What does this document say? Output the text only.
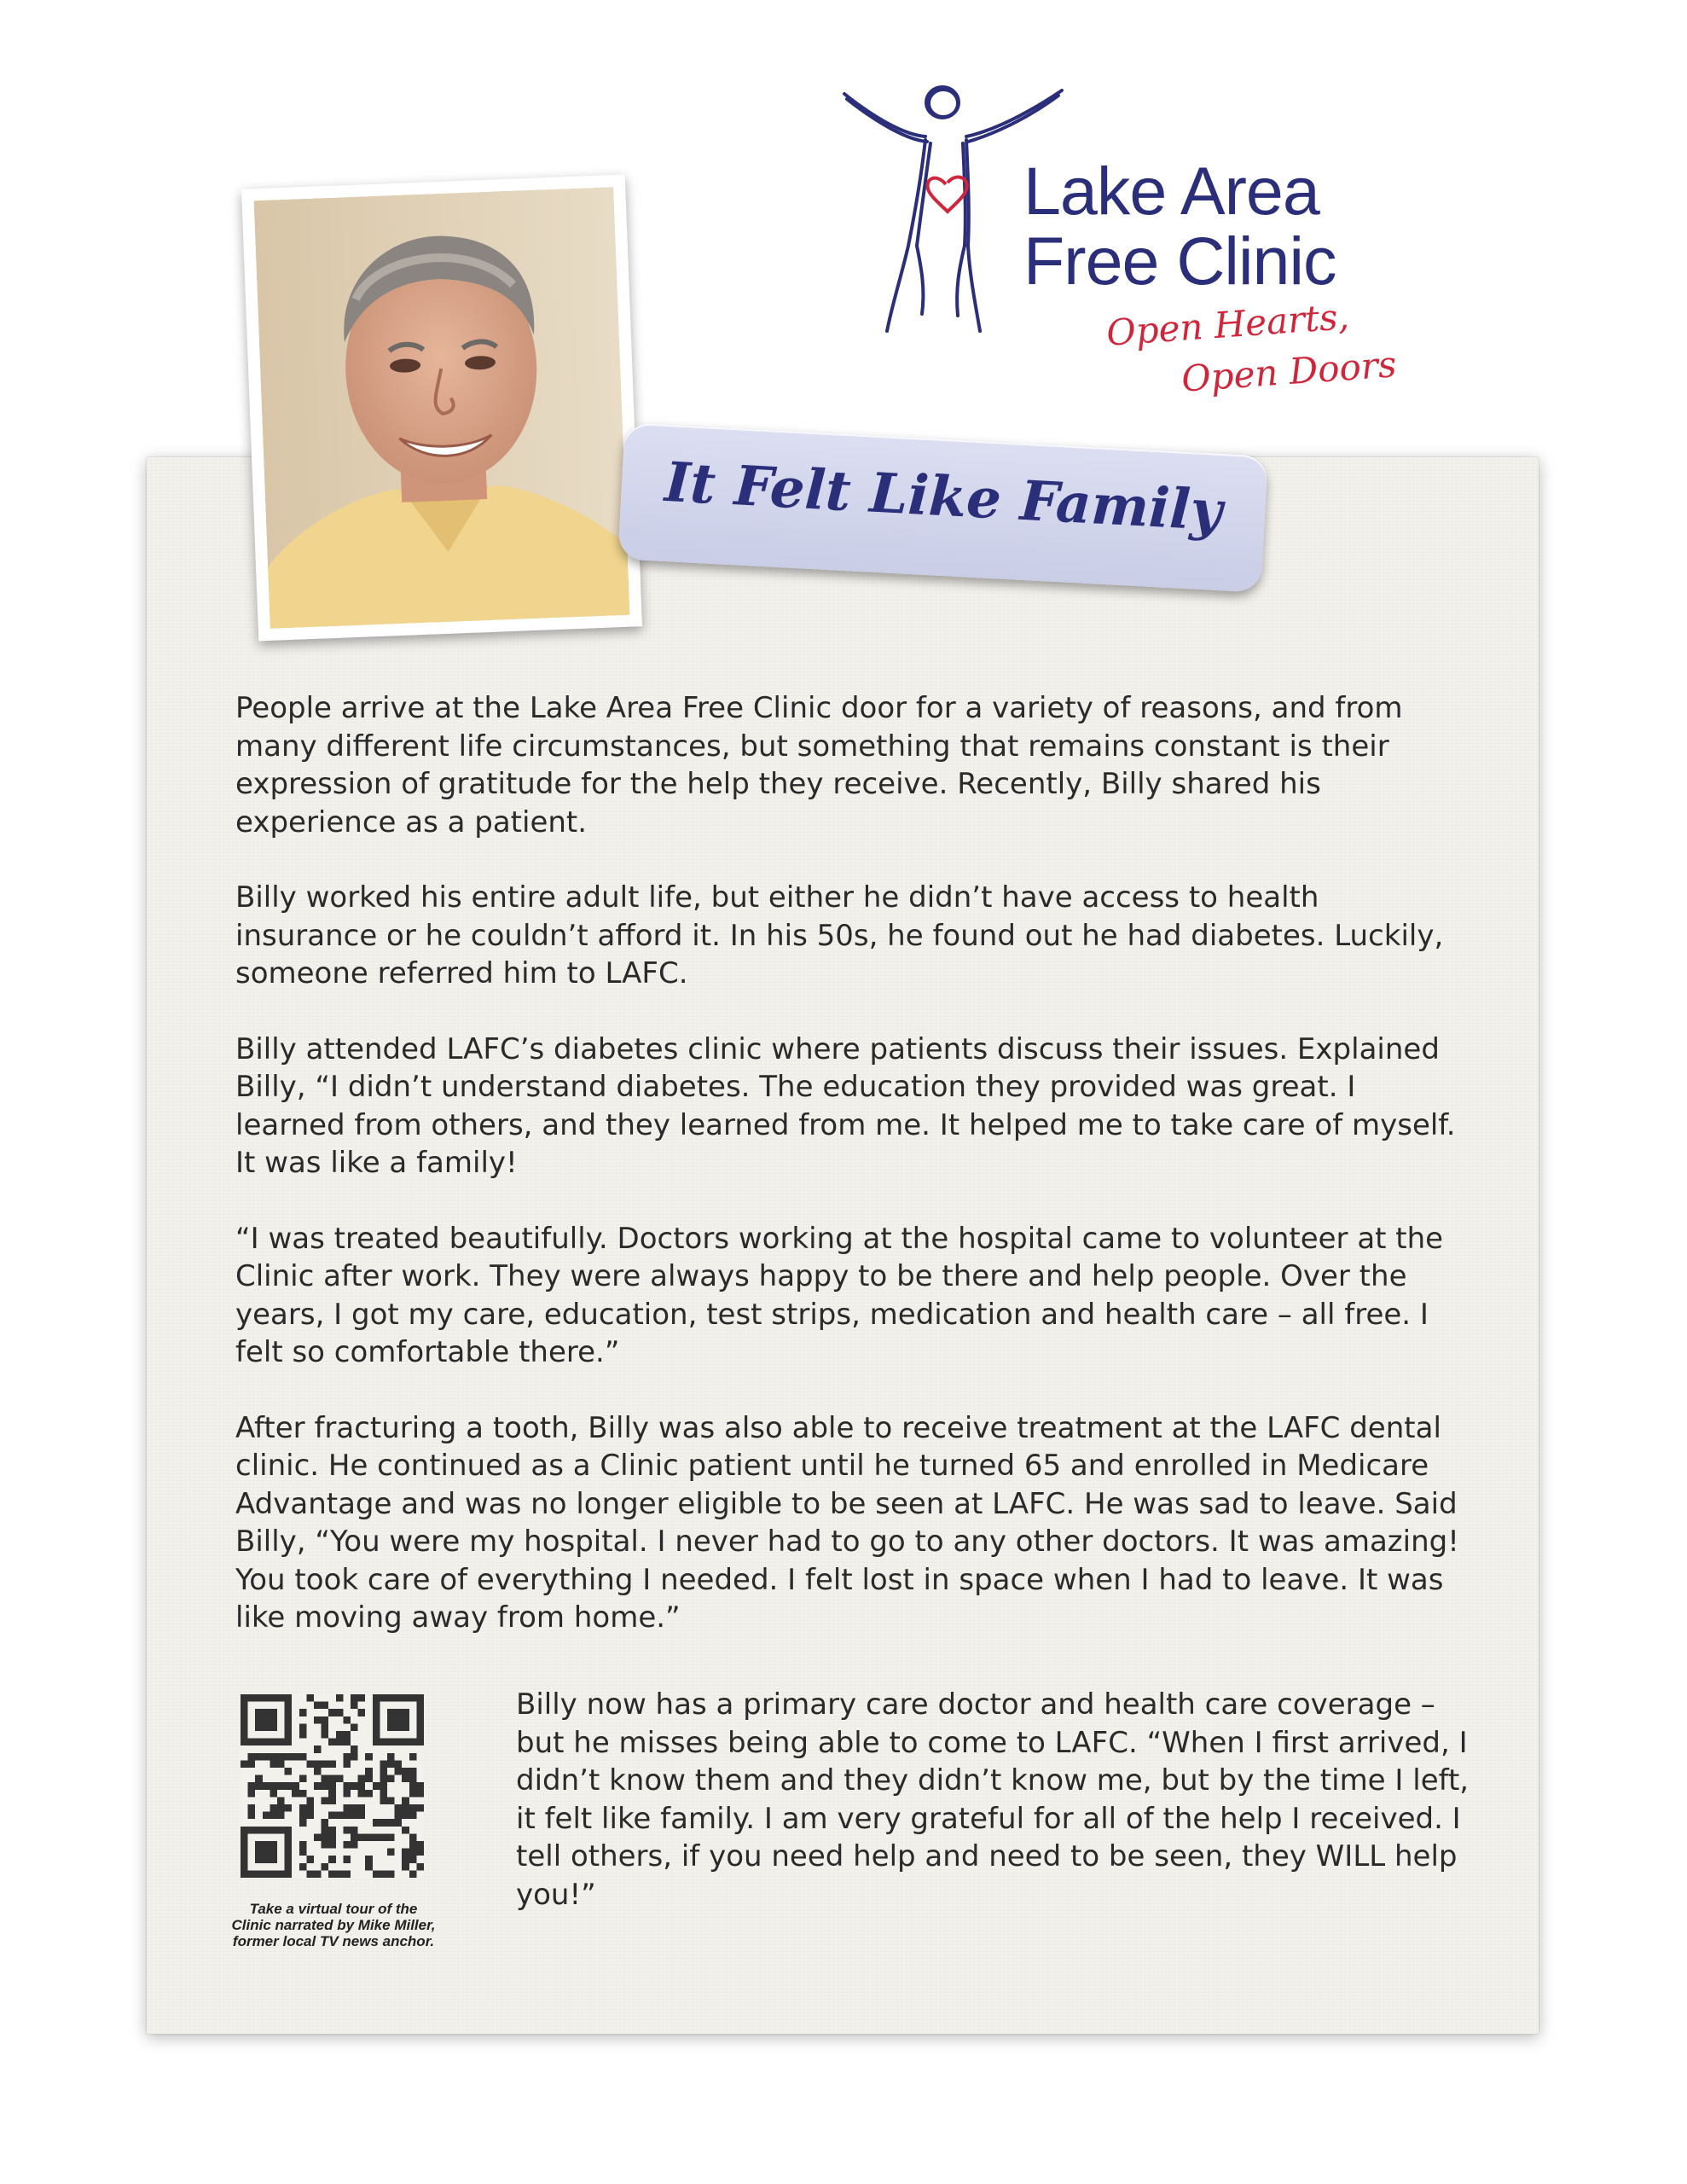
Lake Area
Free Clinic
Open Hearts,
Open Doors
It Felt Like Family

People arrive at the Lake Area Free Clinic door for a variety of reasons, and from many different life circumstances, but something that remains constant is their expression of gratitude for the help they receive. Recently, Billy shared his experience as a patient.

Billy worked his entire adult life, but either he didn’t have access to health insurance or he couldn’t afford it. In his 50s, he found out he had diabetes. Luckily, someone referred him to LAFC.

Billy attended LAFC’s diabetes clinic where patients discuss their issues. Explained Billy, “I didn’t understand diabetes. The education they provided was great. I learned from others, and they learned from me. It helped me to take care of myself. It was like a family!

“I was treated beautifully. Doctors working at the hospital came to volunteer at the Clinic after work. They were always happy to be there and help people. Over the years, I got my care, education, test strips, medication and health care – all free. I felt so comfortable there.”

After fracturing a tooth, Billy was also able to receive treatment at the LAFC dental clinic. He continued as a Clinic patient until he turned 65 and enrolled in Medicare Advantage and was no longer eligible to be seen at LAFC. He was sad to leave. Said Billy, “You were my hospital. I never had to go to any other doctors. It was amazing! You took care of everything I needed. I felt lost in space when I had to leave. It was like moving away from home.”

Take a virtual tour of the Clinic narrated by Mike Miller, former local TV news anchor.

Billy now has a primary care doctor and health care coverage – but he misses being able to come to LAFC. “When I first arrived, I didn’t know them and they didn’t know me, but by the time I left, it felt like family. I am very grateful for all of the help I received. I tell others, if you need help and need to be seen, they WILL help you!”
